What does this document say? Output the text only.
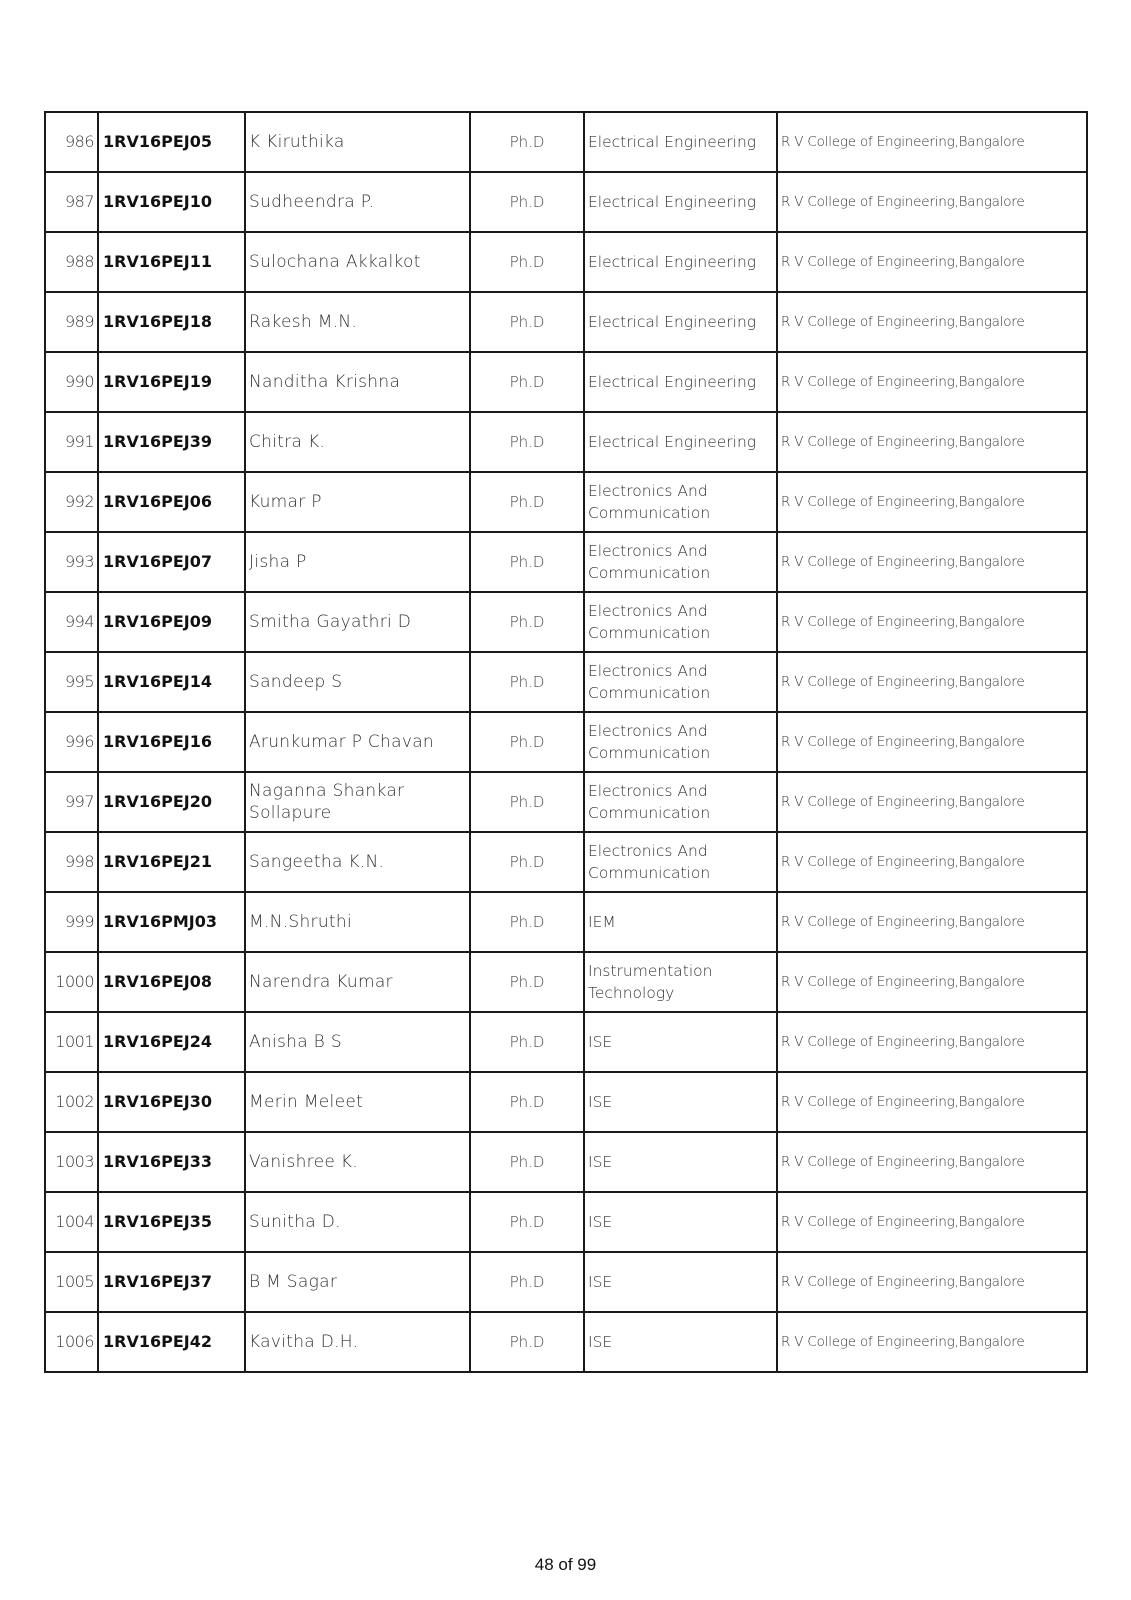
986	1RV16PEJ05	K Kiruthika	Ph.D	Electrical Engineering	R V College of Engineering,Bangalore
987	1RV16PEJ10	Sudheendra P.	Ph.D	Electrical Engineering	R V College of Engineering,Bangalore
988	1RV16PEJ11	Sulochana Akkalkot	Ph.D	Electrical Engineering	R V College of Engineering,Bangalore
989	1RV16PEJ18	Rakesh M.N.	Ph.D	Electrical Engineering	R V College of Engineering,Bangalore
990	1RV16PEJ19	Nanditha Krishna	Ph.D	Electrical Engineering	R V College of Engineering,Bangalore
991	1RV16PEJ39	Chitra K.	Ph.D	Electrical Engineering	R V College of Engineering,Bangalore
992	1RV16PEJ06	Kumar P	Ph.D	Electronics And Communication	R V College of Engineering,Bangalore
993	1RV16PEJ07	Jisha P	Ph.D	Electronics And Communication	R V College of Engineering,Bangalore
994	1RV16PEJ09	Smitha Gayathri D	Ph.D	Electronics And Communication	R V College of Engineering,Bangalore
995	1RV16PEJ14	Sandeep S	Ph.D	Electronics And Communication	R V College of Engineering,Bangalore
996	1RV16PEJ16	Arunkumar P Chavan	Ph.D	Electronics And Communication	R V College of Engineering,Bangalore
997	1RV16PEJ20	Naganna Shankar Sollapure	Ph.D	Electronics And Communication	R V College of Engineering,Bangalore
998	1RV16PEJ21	Sangeetha K.N.	Ph.D	Electronics And Communication	R V College of Engineering,Bangalore
999	1RV16PMJ03	M.N.Shruthi	Ph.D	IEM	R V College of Engineering,Bangalore
1000	1RV16PEJ08	Narendra Kumar	Ph.D	Instrumentation Technology	R V College of Engineering,Bangalore
1001	1RV16PEJ24	Anisha B S	Ph.D	ISE	R V College of Engineering,Bangalore
1002	1RV16PEJ30	Merin Meleet	Ph.D	ISE	R V College of Engineering,Bangalore
1003	1RV16PEJ33	Vanishree K.	Ph.D	ISE	R V College of Engineering,Bangalore
1004	1RV16PEJ35	Sunitha D.	Ph.D	ISE	R V College of Engineering,Bangalore
1005	1RV16PEJ37	B M Sagar	Ph.D	ISE	R V College of Engineering,Bangalore
1006	1RV16PEJ42	Kavitha D.H.	Ph.D	ISE	R V College of Engineering,Bangalore
48 of 99
